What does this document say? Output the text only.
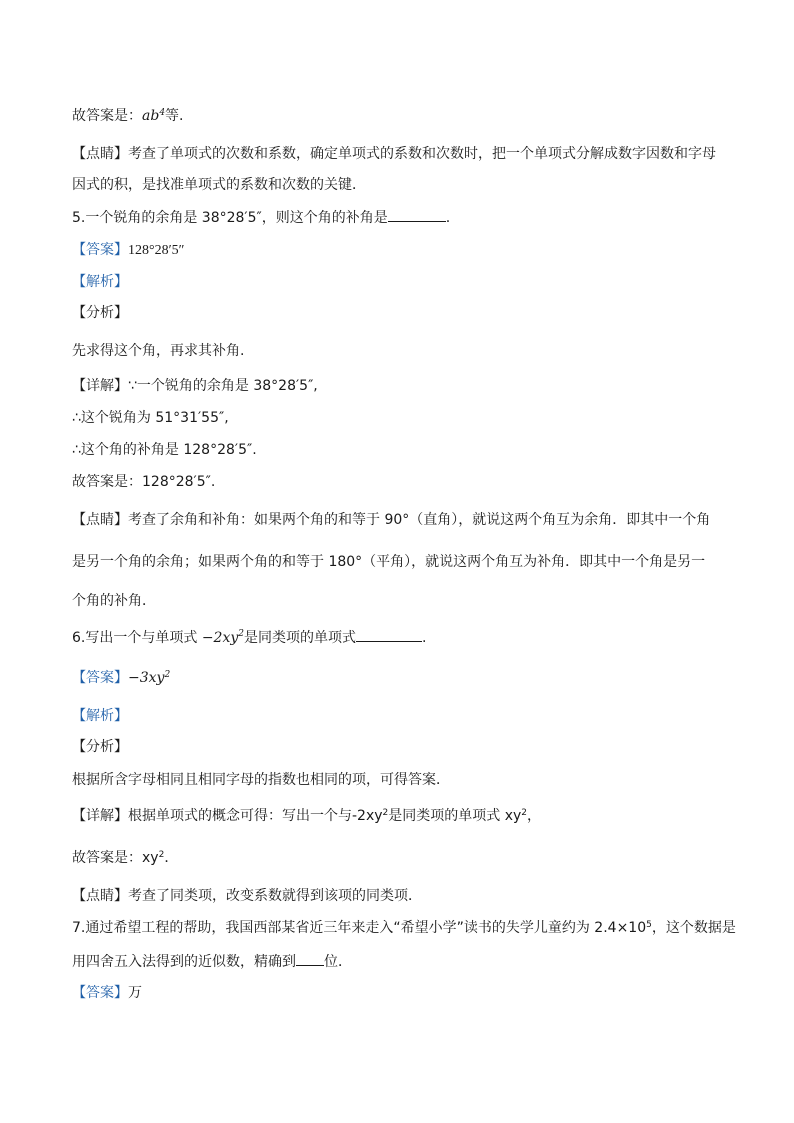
故答案是：$ab^4$等.
【点睛】考查了单项式的次数和系数，确定单项式的系数和次数时，把一个单项式分解成数字因数和字母
因式的积，是找准单项式的系数和次数的关键．
5.一个锐角的余角是 38°28′5″，则这个角的补角是	.
【答案】128°28′5″
【解析】
【分析】
先求得这个角，再求其补角.
【详解】∵一个锐角的余角是 38°28′5″,
∴这个锐角为 51°31′55″,
∴这个角的补角是 128°28′5″.
故答案是：128°28′5″.
【点睛】考查了余角和补角：如果两个角的和等于 90°（直角），就说这两个角互为余角．即其中一个角
是另一个角的余角；如果两个角的和等于 180°（平角），就说这两个角互为补角．即其中一个角是另一
个角的补角．
6.写出一个与单项式 $-2xy^2$是同类项的单项式	.
【答案】$-3xy^2$
【解析】
【分析】
根据所含字母相同且相同字母的指数也相同的项，可得答案．
【详解】根据单项式的概念可得：写出一个与$-2xy^2$是同类项的单项式 $xy^2$，
故答案是：$xy^2$．
【点睛】考查了同类项，改变系数就得到该项的同类项．
7.通过希望工程的帮助，我国西部某省近三年来走入“希望小学”读书的失学儿童约为 $2.4\times 10^5$，这个数据是
用四舍五入法得到的近似数，精确到 位．
【答案】万
